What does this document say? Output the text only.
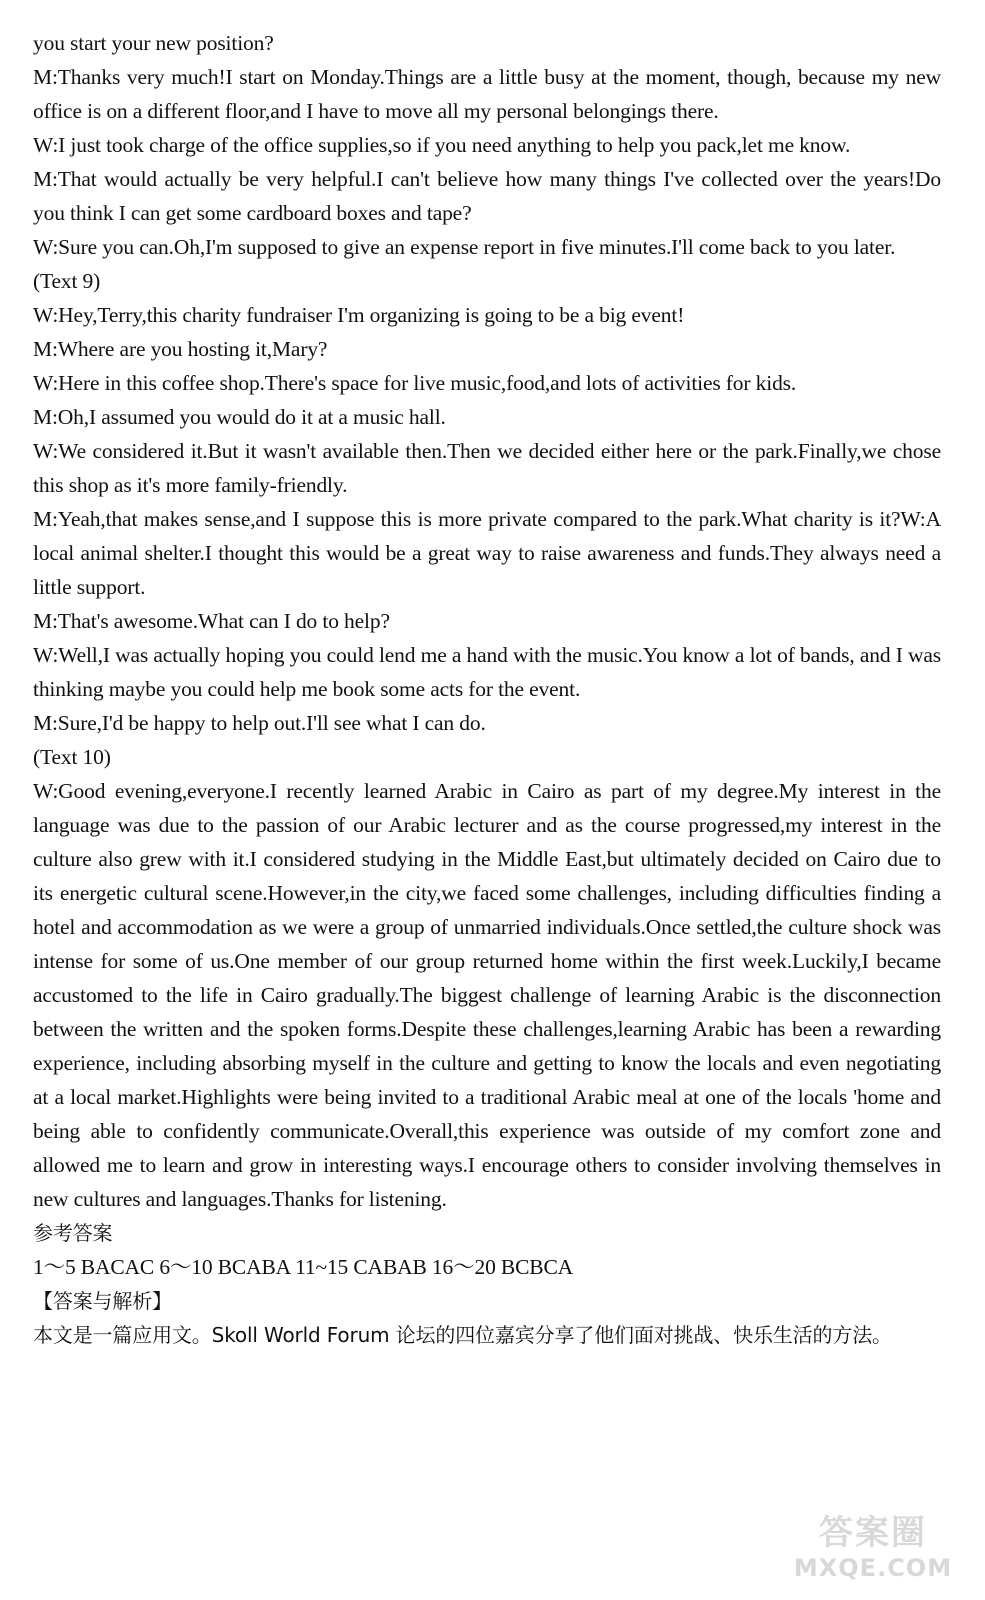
you start your new position?

M:Thanks very much!I start on Monday.Things are a little busy at the moment, though, because my new office is on a different floor,and I have to move all my personal belongings there.

W:I just took charge of the office supplies,so if you need anything to help you pack,let me know.

M:That would actually be very helpful.I can't believe how many things I've collected over the years!Do you think I can get some cardboard boxes and tape?

W:Sure you can.Oh,I'm supposed to give an expense report in five minutes.I'll come back to you later.

(Text 9)

W:Hey,Terry,this charity fundraiser I'm organizing is going to be a big event!

M:Where are you hosting it,Mary?

W:Here in this coffee shop.There's space for live music,food,and lots of activities for kids.

M:Oh,I assumed you would do it at a music hall.

W:We considered it.But it wasn't available then.Then we decided either here or the park.Finally,we chose this shop as it's more family-friendly.

M:Yeah,that makes sense,and I suppose this is more private compared to the park.What charity is it?W:A local animal shelter.I thought this would be a great way to raise awareness and funds.They always need a little support.

M:That's awesome.What can I do to help?

W:Well,I was actually hoping you could lend me a hand with the music.You know a lot of bands, and I was thinking maybe you could help me book some acts for the event.

M:Sure,I'd be happy to help out.I'll see what I can do.

(Text 10)

W:Good evening,everyone.I recently learned Arabic in Cairo as part of my degree.My interest in the language was due to the passion of our Arabic lecturer and as the course progressed,my interest in the culture also grew with it.I considered studying in the Middle East,but ultimately decided on Cairo due to its energetic cultural scene.However,in the city,we faced some challenges, including difficulties finding a hotel and accommodation as we were a group of unmarried individuals.Once settled,the culture shock was intense for some of us.One member of our group returned home within the first week.Luckily,I became accustomed to the life in Cairo gradually.The biggest challenge of learning Arabic is the disconnection between the written and the spoken forms.Despite these challenges,learning Arabic has been a rewarding experience, including absorbing myself in the culture and getting to know the locals and even negotiating at a local market.Highlights were being invited to a traditional Arabic meal at one of the locals 'home and being able to confidently communicate.Overall,this experience was outside of my comfort zone and allowed me to learn and grow in interesting ways.I encourage others to consider involving themselves in new cultures and languages.Thanks for listening.

参考答案

1～5 BACAC 6～10 BCABA 11~15 CABAB 16～20 BCBCA

【答案与解析】

本文是一篇应用文。Skoll World Forum 论坛的四位嘉宾分享了他们面对挑战、快乐生活的方法。

答案圈
MXQE.COM
